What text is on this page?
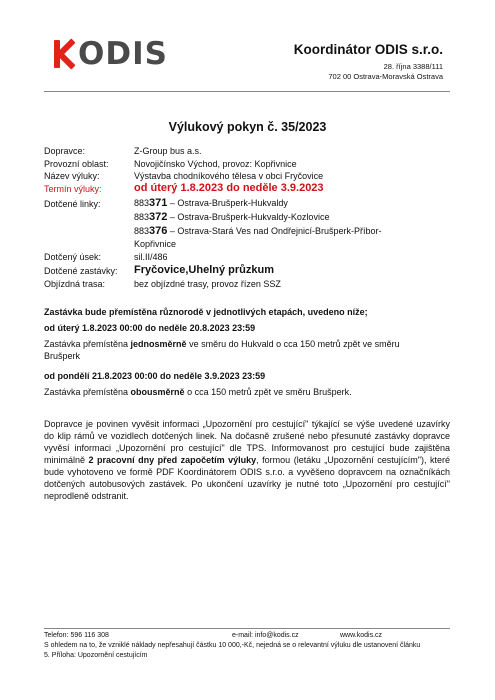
ODIS	Koordinátor ODIS s.r.o.
28. října 3388/111
702 00 Ostrava-Moravská Ostrava
Výlukový pokyn č. 35/2023
Dopravce:	Z-Group bus a.s.
Provozní oblast:	Novojičínsko Východ, provoz: Kopřivnice
Název výluky:	Výstavba chodníkového tělesa v obci Fryčovice
Termín výluky:	od úterý 1.8.2023 do neděle 3.9.2023
Dotčené linky:	883371 – Ostrava-Brušperk-Hukvaldy
883372 – Ostrava-Brušperk-Hukvaldy-Kozlovice
883376 – Ostrava-Stará Ves nad Ondřejnicí-Brušperk-Příbor-
Kopřivnice
Dotčený úsek:	sil.II/486
Dotčené zastávky: Fryčovice,Uhelný průzkum
Objízdná trasa:	bez objízdné trasy, provoz řízen SSZ
Zastávka bude přemístěna různorodě v jednotlivých etapách, uvedeno níže;
od úterý 1.8.2023 00:00 do neděle 20.8.2023 23:59
Zastávka přemístěna jednosměrně ve směru do Hukvald o cca 150 metrů zpět ve směru
Brušperk
od pondělí 21.8.2023 00:00 do neděle 3.9.2023 23:59
Zastávka přemístěna obousměrně o cca 150 metrů zpět ve směru Brušperk.
Dopravce je povinen vyvěsit informaci „Upozornění pro cestující" týkající se výše uvedené uzavírky do klip rámů ve vozidlech dotčených linek. Na dočasně zrušené nebo přesunuté zastávky dopravce vyvěsí informaci „Upozornění pro cestující" dle TPS. Informovanost pro cestující bude zajištěna minimálně 2 pracovní dny před započetím výluky, formou (letáku „Upozornění cestujícím"), které bude vyhotoveno ve formě PDF Koordinátorem ODIS s.r.o. a vyvěšeno dopravcem na označníkách dotčených autobusových zastávek. Po ukončení uzavírky je nutné toto „Upozornění pro cestující" neprodleně odstranit.
Telefon: 596 116 308	e-mail: info@kodis.cz	www.kodis.cz
S ohledem na to, že vzniklé náklady nepřesahují částku 10 000,-Kč, nejedná se o relevantní výluku dle ustanovení článku
5. Příloha: Upozornění cestujícím
